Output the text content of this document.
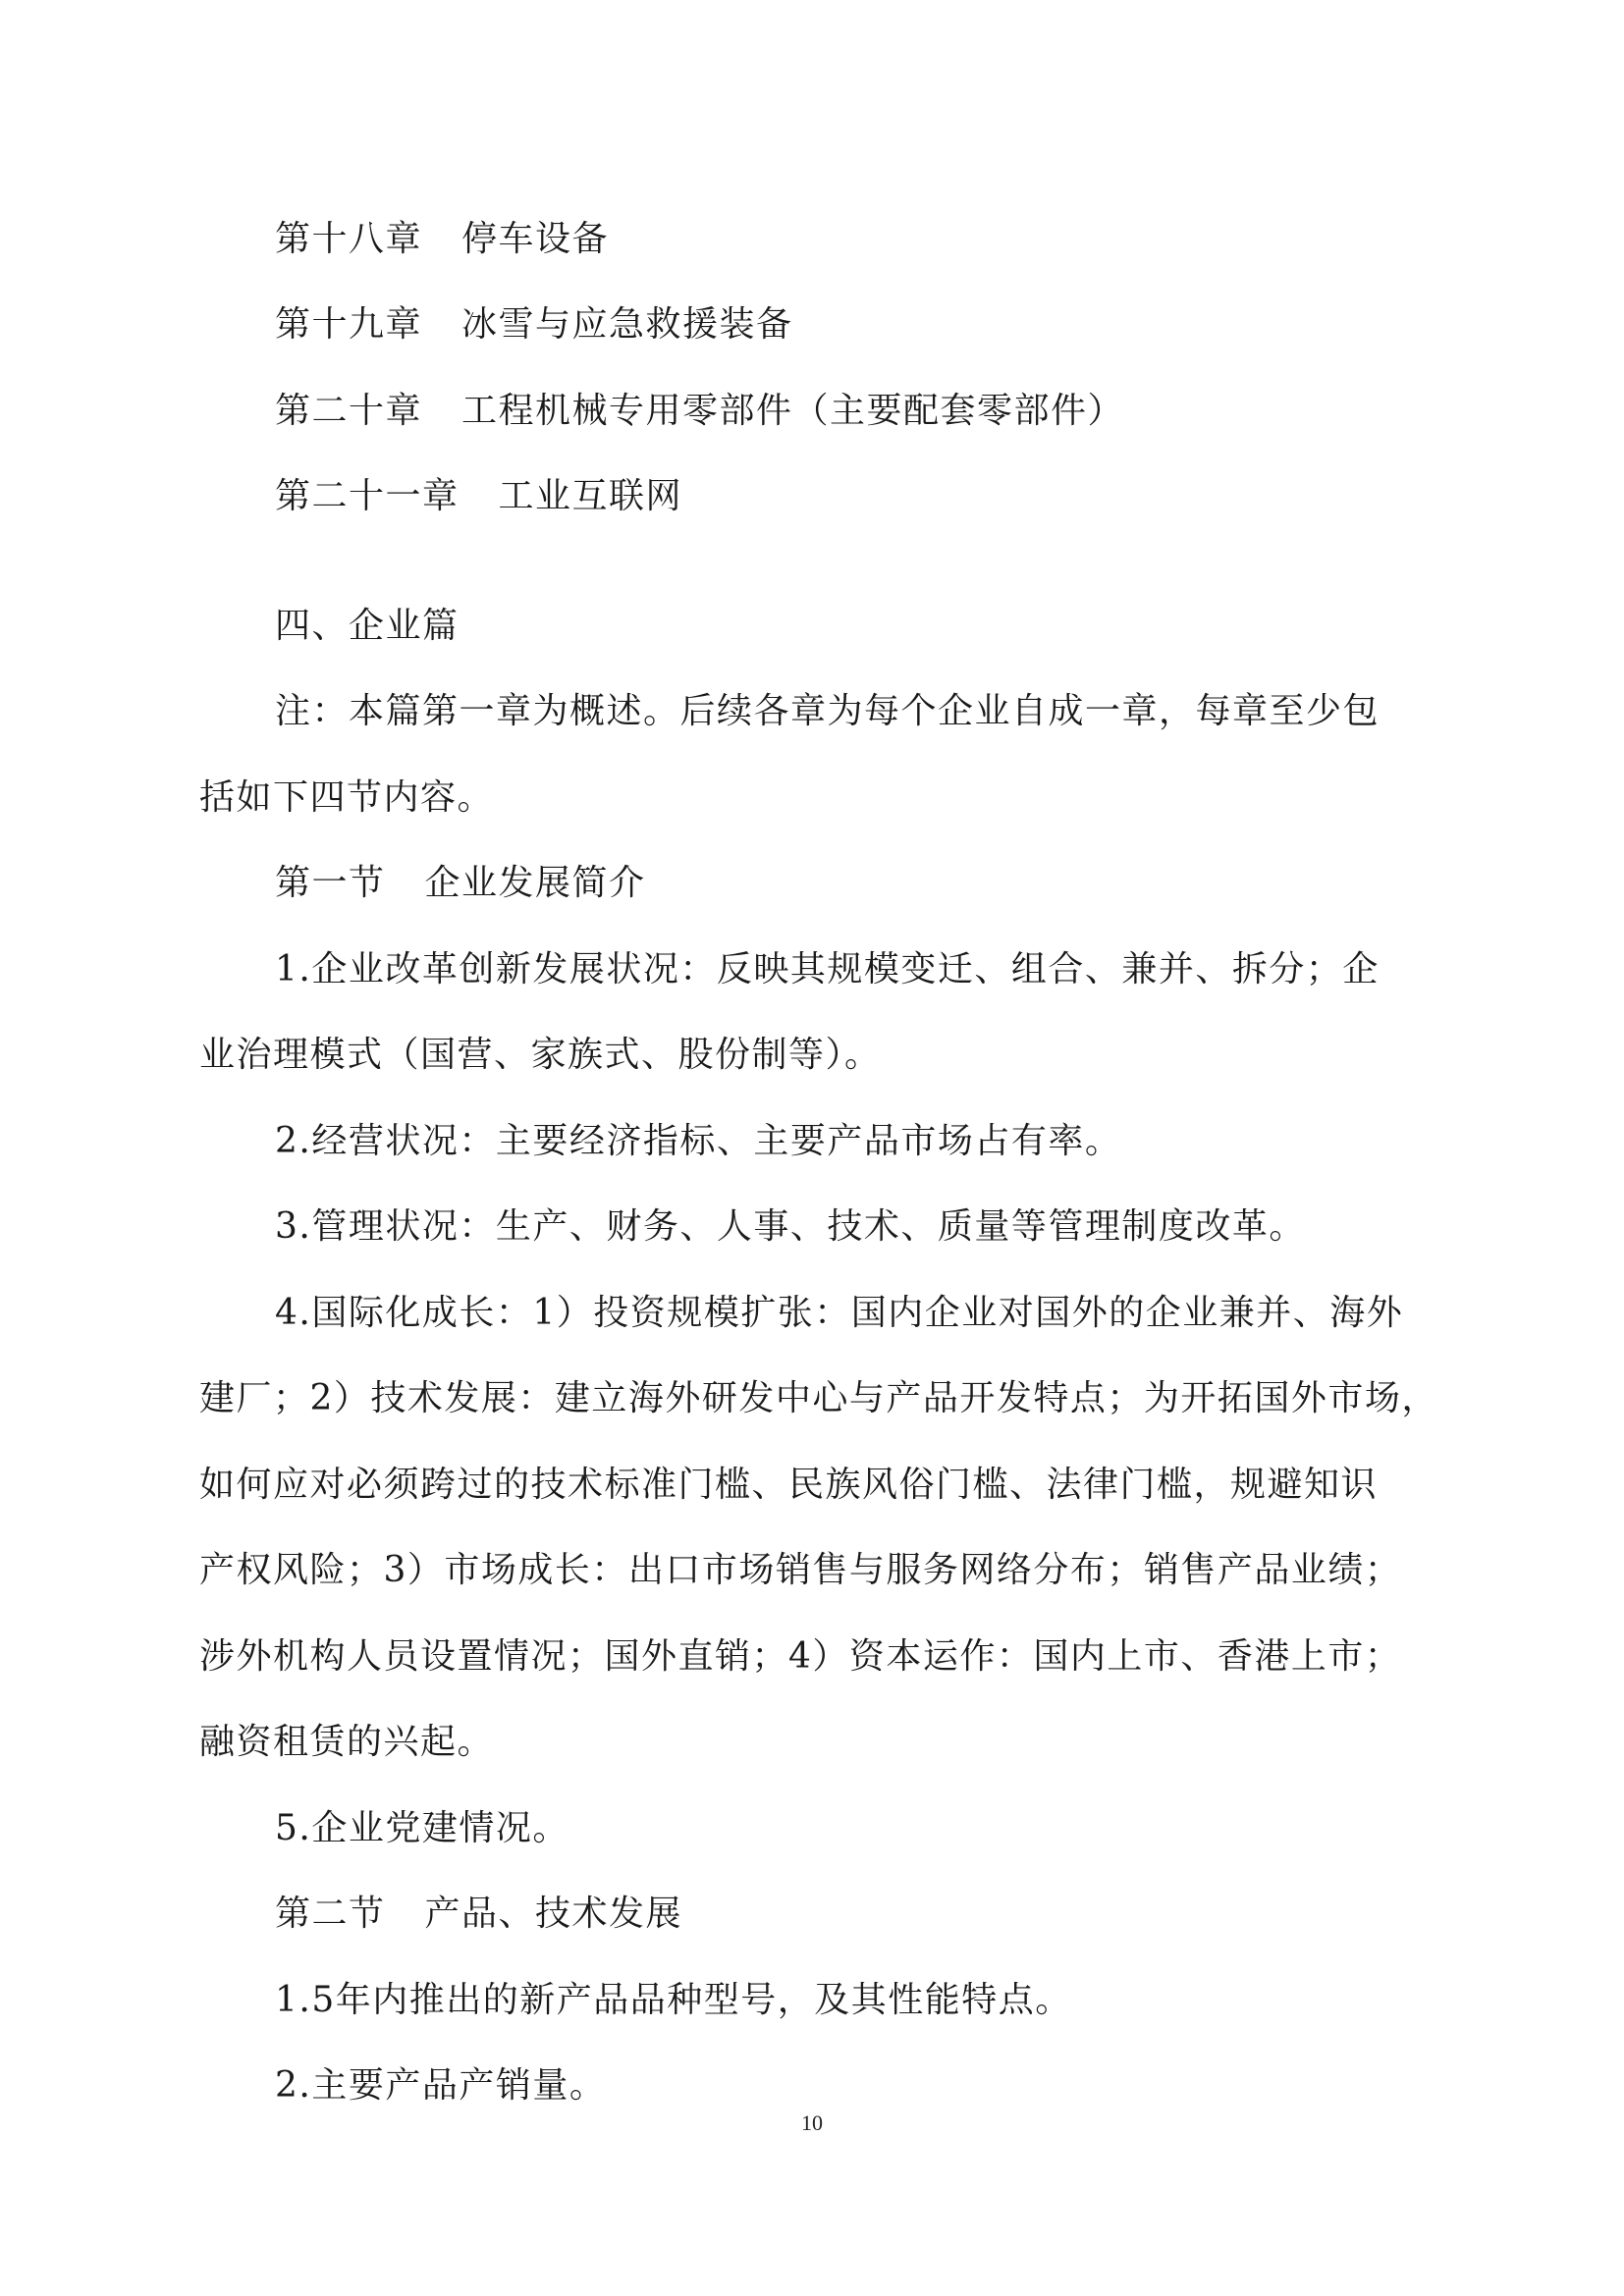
第十八章 停车设备
第十九章 冰雪与应急救援装备
第二十章 工程机械专用零部件（主要配套零部件）
第二十一章 工业互联网
四、企业篇
注：本篇第一章为概述。后续各章为每个企业自成一章，每章至少包
括如下四节内容。
第一节 企业发展简介
1.企业改革创新发展状况：反映其规模变迁、组合、兼并、拆分；企
业治理模式（国营、家族式、股份制等）。
2.经营状况：主要经济指标、主要产品市场占有率。
3.管理状况：生产、财务、人事、技术、质量等管理制度改革。
4.国际化成长：1）投资规模扩张：国内企业对国外的企业兼并、海外
建厂；2）技术发展：建立海外研发中心与产品开发特点；为开拓国外市场，
如何应对必须跨过的技术标准门槛、民族风俗门槛、法律门槛，规避知识
产权风险；3）市场成长：出口市场销售与服务网络分布；销售产品业绩；
涉外机构人员设置情况；国外直销；4）资本运作：国内上市、香港上市；
融资租赁的兴起。
5.企业党建情况。
第二节 产品、技术发展
1.5年内推出的新产品品种型号，及其性能特点。
2.主要产品产销量。
10
